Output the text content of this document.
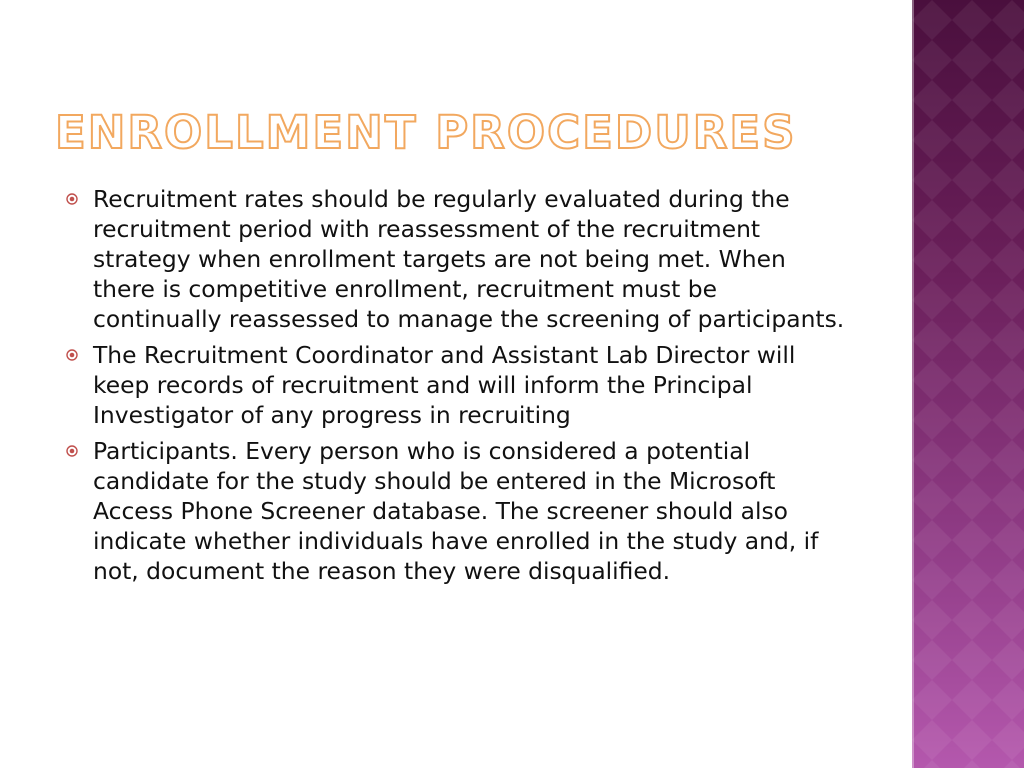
ENROLLMENT PROCEDURES
Recruitment rates should be regularly evaluated during the recruitment period with reassessment of the recruitment strategy when enrollment targets are not being met. When there is competitive enrollment, recruitment must be continually reassessed to manage the screening of participants.
The Recruitment Coordinator and Assistant Lab Director will keep records of recruitment and will inform the Principal Investigator of any progress in recruiting
Participants. Every person who is considered a potential candidate for the study should be entered in the Microsoft Access Phone Screener database. The screener should also indicate whether individuals have enrolled in the study and, if not, document the reason they were disqualified.
